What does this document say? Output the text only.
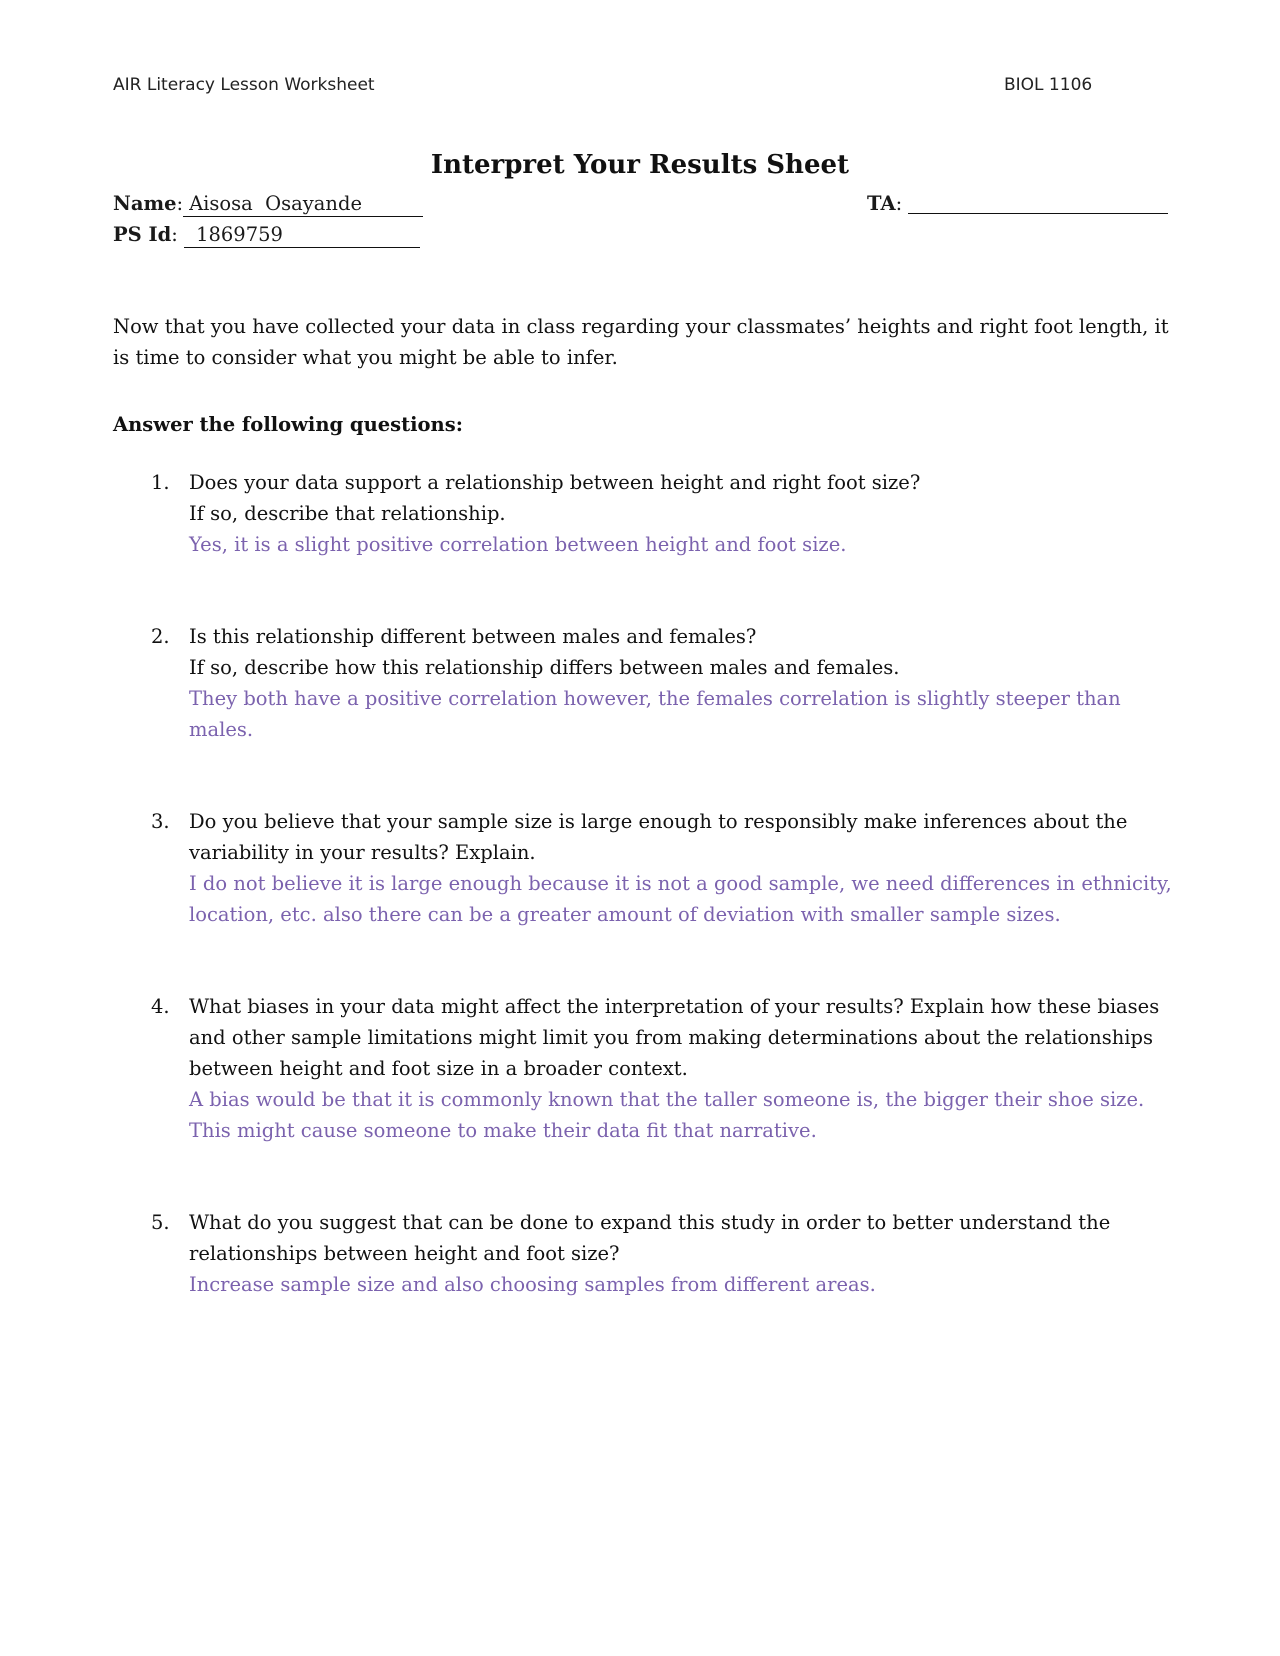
AIR Literacy Lesson Worksheet	BIOL 1106
Interpret Your Results Sheet
Name: Aisosa  Osayande
PS Id: 1869759
TA:
Now that you have collected your data in class regarding your classmates’ heights and right foot length, it is time to consider what you might be able to infer.
Answer the following questions:
1. Does your data support a relationship between height and right foot size?
If so, describe that relationship.
Yes, it is a slight positive correlation between height and foot size.
2. Is this relationship different between males and females?
If so, describe how this relationship differs between males and females.
They both have a positive correlation however, the females correlation is slightly steeper than males.
3. Do you believe that your sample size is large enough to responsibly make inferences about the variability in your results? Explain.
I do not believe it is large enough because it is not a good sample, we need differences in ethnicity, location, etc. also there can be a greater amount of deviation with smaller sample sizes.
4. What biases in your data might affect the interpretation of your results? Explain how these biases and other sample limitations might limit you from making determinations about the relationships between height and foot size in a broader context.
A bias would be that it is commonly known that the taller someone is, the bigger their shoe size. This might cause someone to make their data fit that narrative.
5. What do you suggest that can be done to expand this study in order to better understand the relationships between height and foot size?
Increase sample size and also choosing samples from different areas.
